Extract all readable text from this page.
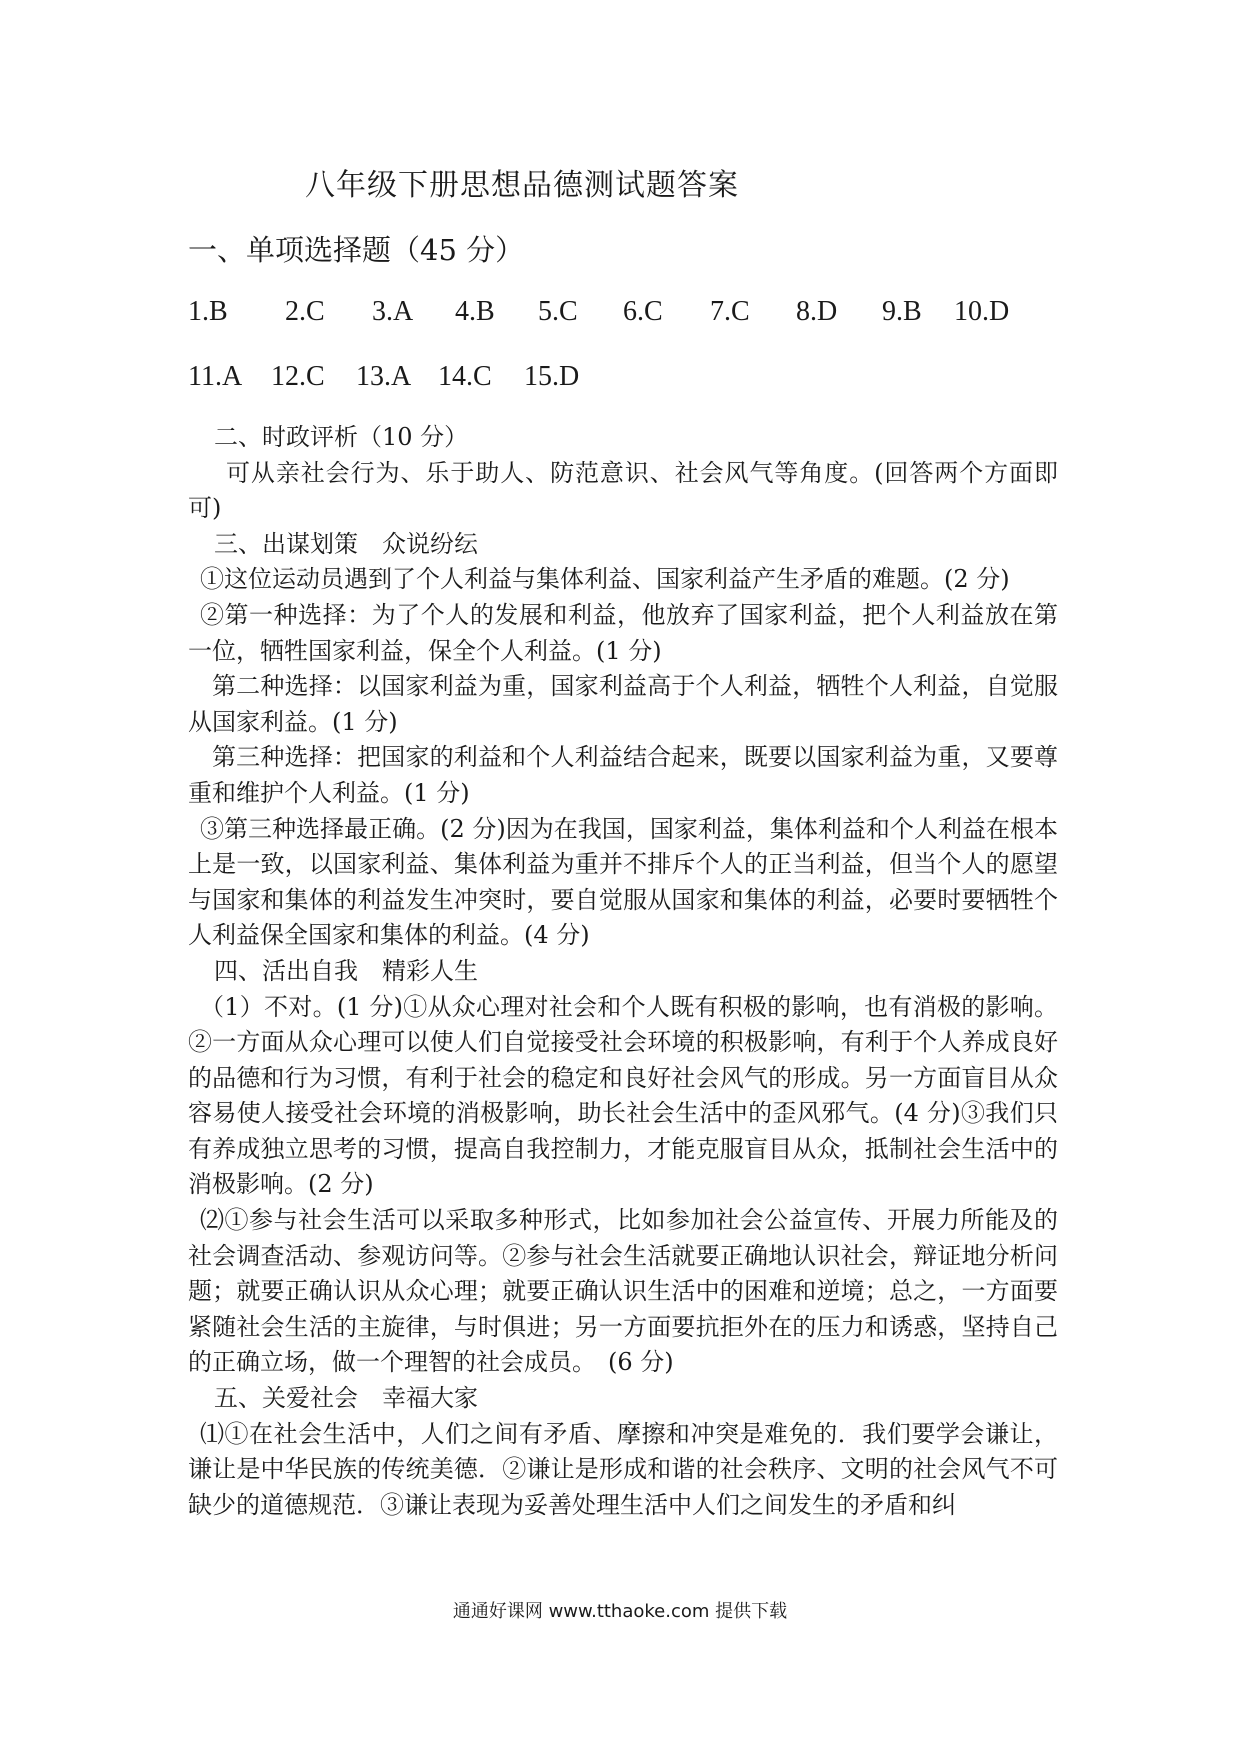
八年级下册思想品德测试题答案
一、单项选择题（45 分）
1.B 2.C 3.A 4.B 5.C 6.C 7.C 8.D 9.B 10.D
11.A 12.C 13.A 14.C 15.D

二、时政评析（10 分）

可从亲社会行为、乐于助人、防范意识、社会风气等角度。(回答两个方面即可)

三、出谋划策　众说纷纭

①这位运动员遇到了个人利益与集体利益、国家利益产生矛盾的难题。(2 分)

②第一种选择：为了个人的发展和利益，他放弃了国家利益，把个人利益放在第一位，牺牲国家利益，保全个人利益。(1 分)

第二种选择：以国家利益为重，国家利益高于个人利益，牺牲个人利益，自觉服从国家利益。(1 分)

第三种选择：把国家的利益和个人利益结合起来，既要以国家利益为重，又要尊重和维护个人利益。(1 分)

③第三种选择最正确。(2 分)因为在我国，国家利益，集体利益和个人利益在根本上是一致，以国家利益、集体利益为重并不排斥个人的正当利益，但当个人的愿望与国家和集体的利益发生冲突时，要自觉服从国家和集体的利益，必要时要牺牲个人利益保全国家和集体的利益。(4 分)

四、活出自我　精彩人生

（1）不对。(1 分)①从众心理对社会和个人既有积极的影响，也有消极的影响。②一方面从众心理可以使人们自觉接受社会环境的积极影响，有利于个人养成良好的品德和行为习惯，有利于社会的稳定和良好社会风气的形成。另一方面盲目从众容易使人接受社会环境的消极影响，助长社会生活中的歪风邪气。(4 分)③我们只有养成独立思考的习惯，提高自我控制力，才能克服盲目从众，抵制社会生活中的消极影响。(2 分)

⑵①参与社会生活可以采取多种形式，比如参加社会公益宣传、开展力所能及的社会调查活动、参观访问等。②参与社会生活就要正确地认识社会，辩证地分析问题；就要正确认识从众心理；就要正确认识生活中的困难和逆境；总之，一方面要紧随社会生活的主旋律，与时俱进；另一方面要抗拒外在的压力和诱惑，坚持自己的正确立场，做一个理智的社会成员。　(6 分)

五、关爱社会　幸福大家

⑴①在社会生活中，人们之间有矛盾、摩擦和冲突是难免的．我们要学会谦让，谦让是中华民族的传统美德．②谦让是形成和谐的社会秩序、文明的社会风气不可缺少的道德规范．③谦让表现为妥善处理生活中人们之间发生的矛盾和纠

通通好课网 www.tthaoke.com 提供下载
